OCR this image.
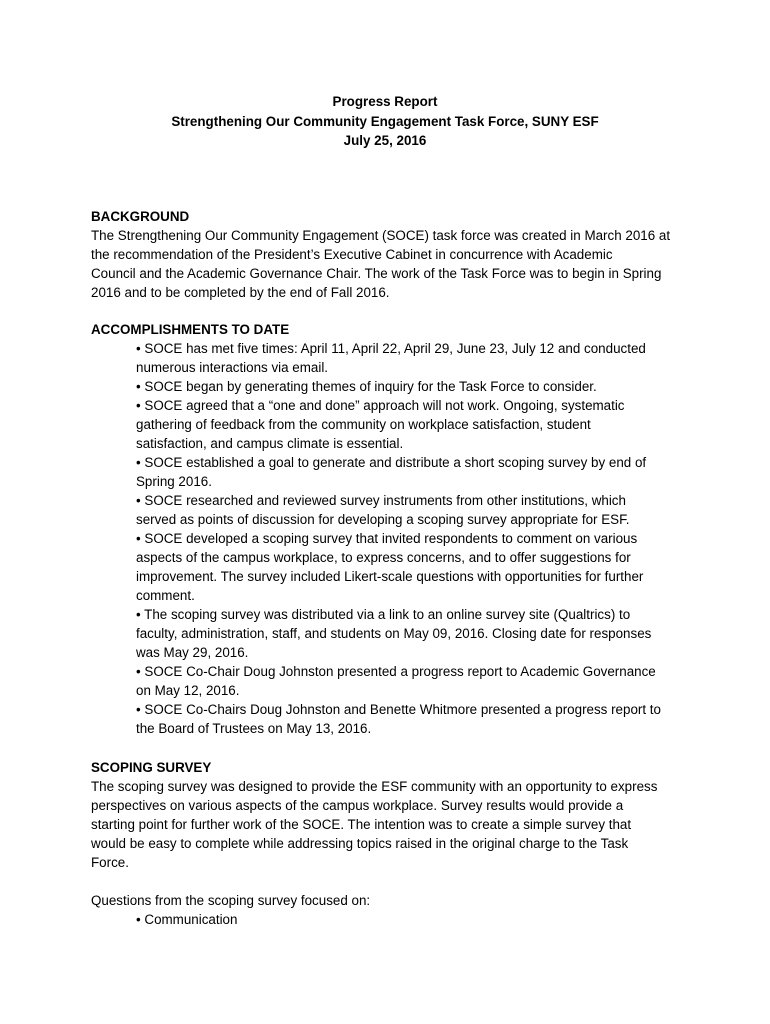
Progress Report
Strengthening Our Community Engagement Task Force, SUNY ESF
July 25, 2016
BACKGROUND
The Strengthening Our Community Engagement (SOCE) task force was created in March 2016 at
the recommendation of the President’s Executive Cabinet in concurrence with Academic
Council and the Academic Governance Chair. The work of the Task Force was to begin in Spring
2016 and to be completed by the end of Fall 2016.
ACCOMPLISHMENTS TO DATE
• SOCE has met five times: April 11, April 22, April 29, June 23, July 12 and conducted
numerous interactions via email.
• SOCE began by generating themes of inquiry for the Task Force to consider.
• SOCE agreed that a “one and done” approach will not work. Ongoing, systematic
gathering of feedback from the community on workplace satisfaction, student
satisfaction, and campus climate is essential.
• SOCE established a goal to generate and distribute a short scoping survey by end of
Spring 2016.
• SOCE researched and reviewed survey instruments from other institutions, which
served as points of discussion for developing a scoping survey appropriate for ESF.
• SOCE developed a scoping survey that invited respondents to comment on various
aspects of the campus workplace, to express concerns, and to offer suggestions for
improvement. The survey included Likert-scale questions with opportunities for further
comment.
• The scoping survey was distributed via a link to an online survey site (Qualtrics) to
faculty, administration, staff, and students on May 09, 2016. Closing date for responses
was May 29, 2016.
• SOCE Co-Chair Doug Johnston presented a progress report to Academic Governance
on May 12, 2016.
• SOCE Co-Chairs Doug Johnston and Benette Whitmore presented a progress report to
the Board of Trustees on May 13, 2016.
SCOPING SURVEY
The scoping survey was designed to provide the ESF community with an opportunity to express
perspectives on various aspects of the campus workplace. Survey results would provide a
starting point for further work of the SOCE. The intention was to create a simple survey that
would be easy to complete while addressing topics raised in the original charge to the Task
Force.
Questions from the scoping survey focused on:
• Communication
